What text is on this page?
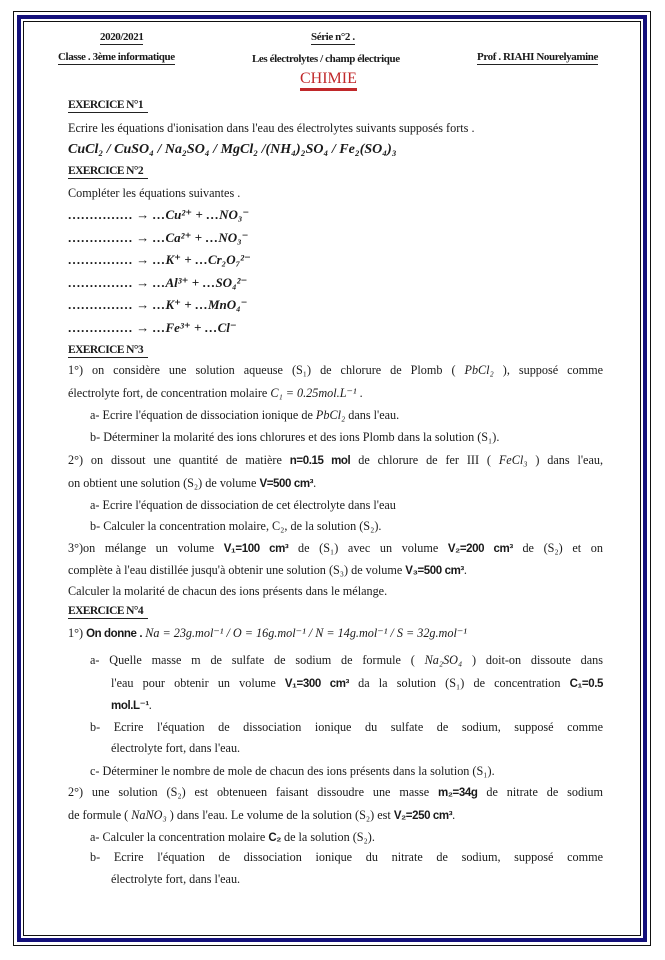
2020/2021
Classe . 3ème informatique
Série n°2 .
Les électrolytes / champ électrique	Prof . RIAHI Nourelyamine
CHIMIE
EXERCICE N°1
Ecrire les équations d'ionisation dans l'eau des électrolytes suivants supposés forts .
CuCl₂ / CuSO₄ / Na₂SO₄ / MgCl₂ /(NH₄)₂SO₄ / Fe₂(SO₄)₃
EXERCICE N°2
Compléter les équations suivantes .
…………… → …Cu²⁺ + …NO₃⁻
…………… → …Ca²⁺ + …NO₃⁻
…………… → …K⁺ + …Cr₂O₇²⁻
…………… → …Al³⁺ + …SO₄²⁻
…………… → …K⁺ + …MnO₄⁻
…………… → …Fe³⁺ + …Cl⁻
EXERCICE N°3
1°) on considère une solution aqueuse (S₁) de chlorure de Plomb ( PbCl₂ ), supposé comme
électrolyte fort, de concentration molaire C₁ = 0.25mol.L⁻¹ .
a- Ecrire l'équation de dissociation ionique de PbCl₂ dans l'eau.
b- Déterminer la molarité des ions chlorures et des ions Plomb dans la solution (S₁).
2°) on dissout une quantité de matière n=0.15 mol de chlorure de fer III ( FeCl₃ ) dans l'eau,
on obtient une solution (S₂) de volume V=500 cm³.
a- Ecrire l'équation de dissociation de cet électrolyte dans l'eau
b- Calculer la concentration molaire, C₂, de la solution (S₂).
3°)on mélange un volume V₁=100 cm³ de (S₁) avec un volume V₂=200 cm³ de (S₂) et on
complète à l'eau distillée jusqu'à obtenir une solution (S₃) de volume V₃=500 cm³.
Calculer la molarité de chacun des ions présents dans le mélange.
EXERCICE N°4
1°) On donne . Na = 23g.mol⁻¹ / O = 16g.mol⁻¹ / N = 14g.mol⁻¹ / S = 32g.mol⁻¹
a- Quelle masse m de sulfate de sodium de formule ( Na₂SO₄ ) doit-on dissoute dans
l'eau pour obtenir un volume V₁=300 cm³ da la solution (S₁) de concentration C₁=0.5
mol.L⁻¹.
b- Ecrire l'équation de dissociation ionique du sulfate de sodium, supposé comme
électrolyte fort, dans l'eau.
c- Déterminer le nombre de mole de chacun des ions présents dans la solution (S₁).
2°) une solution (S₂) est obtenueen faisant dissoudre une masse m₂=34g de nitrate de sodium
de formule ( NaNO₃ ) dans l'eau. Le volume de la solution (S₂) est V₂=250 cm³.
a- Calculer la concentration molaire C₂ de la solution (S₂).
b- Ecrire l'équation de dissociation ionique du nitrate de sodium, supposé comme
électrolyte fort, dans l'eau.
